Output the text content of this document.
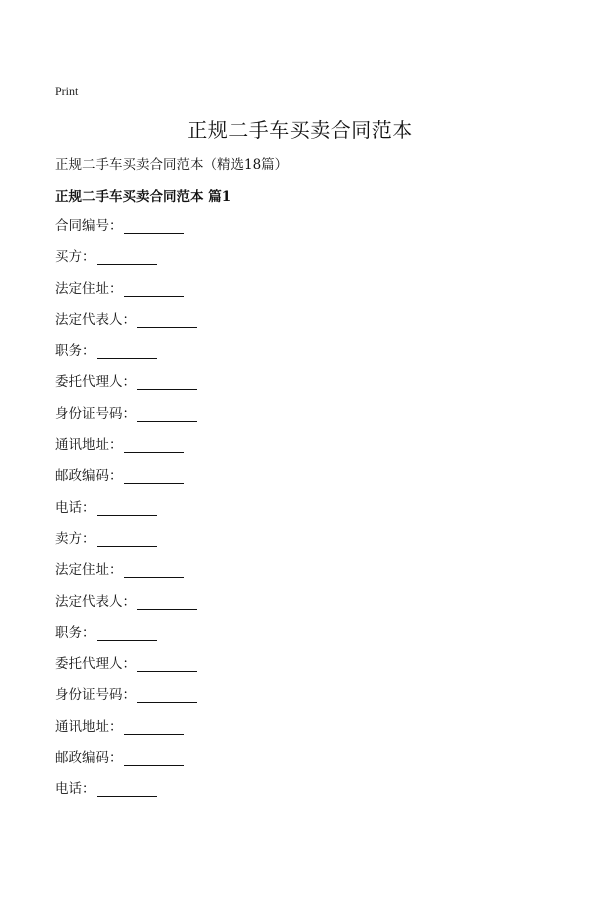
Print
正规二手车买卖合同范本
正规二手车买卖合同范本（精选18篇）
正规二手车买卖合同范本 篇1
合同编号：
买方：
法定住址：
法定代表人：
职务：
委托代理人：
身份证号码：
通讯地址：
邮政编码：
电话：
卖方：
法定住址：
法定代表人：
职务：
委托代理人：
身份证号码：
通讯地址：
邮政编码：
电话：
